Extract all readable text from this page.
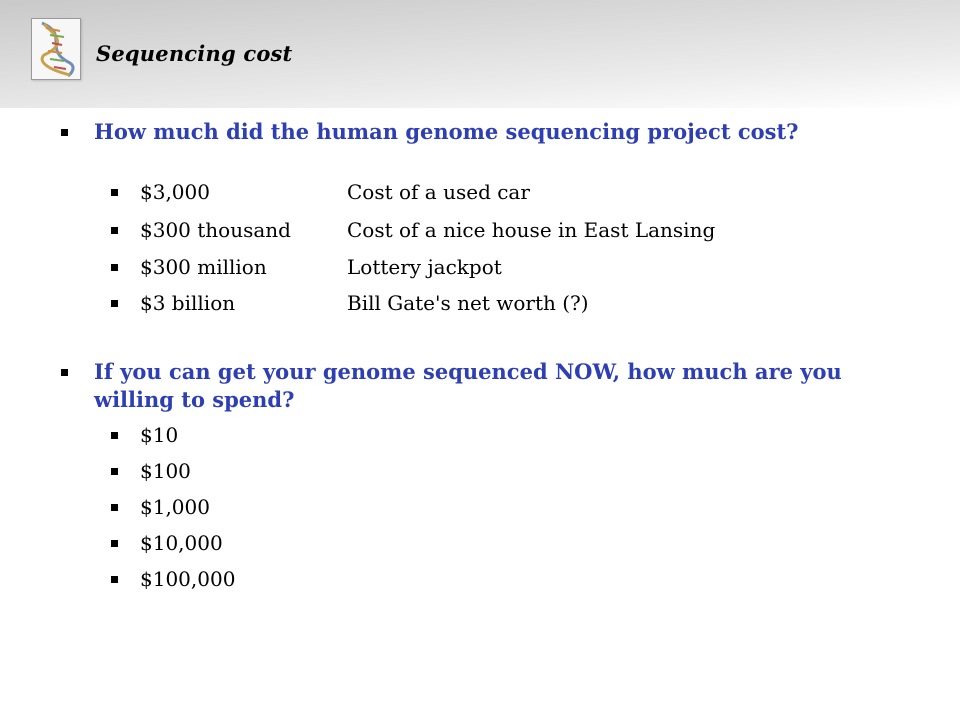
Sequencing cost
How much did the human genome sequencing project cost?
$3,000	Cost of a used car
$300 thousand	Cost of a nice house in East Lansing
$300 million	Lottery jackpot
$3 billion	Bill Gate's net worth (?)
If you can get your genome sequenced NOW, how much are you willing to spend?
$10
$100
$1,000
$10,000
$100,000
